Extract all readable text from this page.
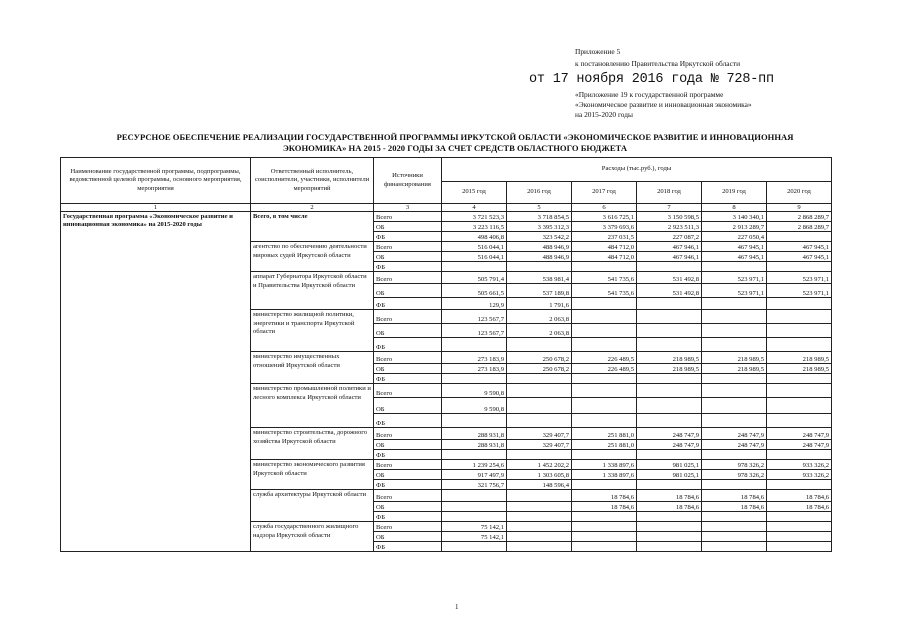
Приложение 5
к постановлению Правительства Иркутской области
от 17 ноября 2016 года № 728-пп
«Приложение 19 к государственной программе
«Экономическое развитие и инновационная экономика»
на 2015-2020 годы
РЕСУРСНОЕ ОБЕСПЕЧЕНИЕ РЕАЛИЗАЦИИ ГОСУДАРСТВЕННОЙ ПРОГРАММЫ ИРКУТСКОЙ ОБЛАСТИ «ЭКОНОМИЧЕСКОЕ РАЗВИТИЕ И ИННОВАЦИОННАЯ
ЭКОНОМИКА» НА 2015 - 2020 ГОДЫ ЗА СЧЕТ СРЕДСТВ ОБЛАСТНОГО БЮДЖЕТА
Наименование государственной программы, подпрограммы, ведомственной целевой программы, основного мероприятия, мероприятия	Ответственный исполнитель, соисполнители, участники, исполнители мероприятий	Источники финансирования	Расходы (тыс.руб.), годы					
			2015 год	2016 год	2017 год	2018 год	2019 год	2020 год
1	2	3	4	5	6	7	8	9
Государственная программа «Экономическое развитие и инновационная экономика» на 2015-2020 годы	Всего, в том числе	Всего	3 721 523,3	3 718 854,5	3 616 725,1	3 150 598,5	3 140 340,1	2 868 289,7
		ОБ	3 223 116,5	3 395 312,3	3 379 693,6	2 923 511,3	2 913 289,7	2 868 289,7
		ФБ	498 406,8	323 542,2	237 031,5	227 087,2	227 050,4	
	агентство по обеспечению деятельности мировых судей Иркутской области	Всего	516 044,1	488 946,9	484 712,0	467 946,1	467 945,1	467 945,1
		ОБ	516 044,1	488 946,9	484 712,0	467 946,1	467 945,1	467 945,1
		ФБ						
	аппарат Губернатора Иркутской области и Правительства Иркутской области	Всего	505 791,4	538 981,4	541 735,6	531 492,8	523 971,1	523 971,1
		ОБ	505 661,5	537 189,8	541 735,6	531 492,8	523 971,1	523 971,1
		ФБ	129,9	1 791,6				
	министерство жилищной политики, энергетики и транспорта Иркутской области	Всего	123 567,7	2 063,8				
		ОБ	123 567,7	2 063,8				
		ФБ						
	министерство имущественных отношений Иркутской области	Всего	273 183,9	250 678,2	226 489,5	218 989,5	218 989,5	218 989,5
		ОБ	273 183,9	250 678,2	226 489,5	218 989,5	218 989,5	218 989,5
		ФБ						
	министерство промышленной политики и лесного комплекса Иркутской области	Всего	9 590,8					
		ОБ	9 590,8					
		ФБ						
	министерство строительства, дорожного хозяйства Иркутской области	Всего	288 931,8	329 407,7	251 881,0	248 747,9	248 747,9	248 747,9
		ОБ	288 931,8	329 407,7	251 881,0	248 747,9	248 747,9	248 747,9
		ФБ						
	министерство экономического развития Иркутской области	Всего	1 239 254,6	1 452 202,2	1 338 897,6	981 025,1	978 326,2	933 326,2
		ОБ	917 497,9	1 303 605,8	1 338 897,6	981 025,1	978 326,2	933 326,2
		ФБ	321 756,7	148 596,4				
	служба архитектуры Иркутской области	Всего			18 784,6	18 784,6	18 784,6	18 784,6
		ОБ			18 784,6	18 784,6	18 784,6	18 784,6
		ФБ						
	служба государственного жилищного надзора Иркутской области	Всего	75 142,1					
		ОБ	75 142,1					
		ФБ						
1
